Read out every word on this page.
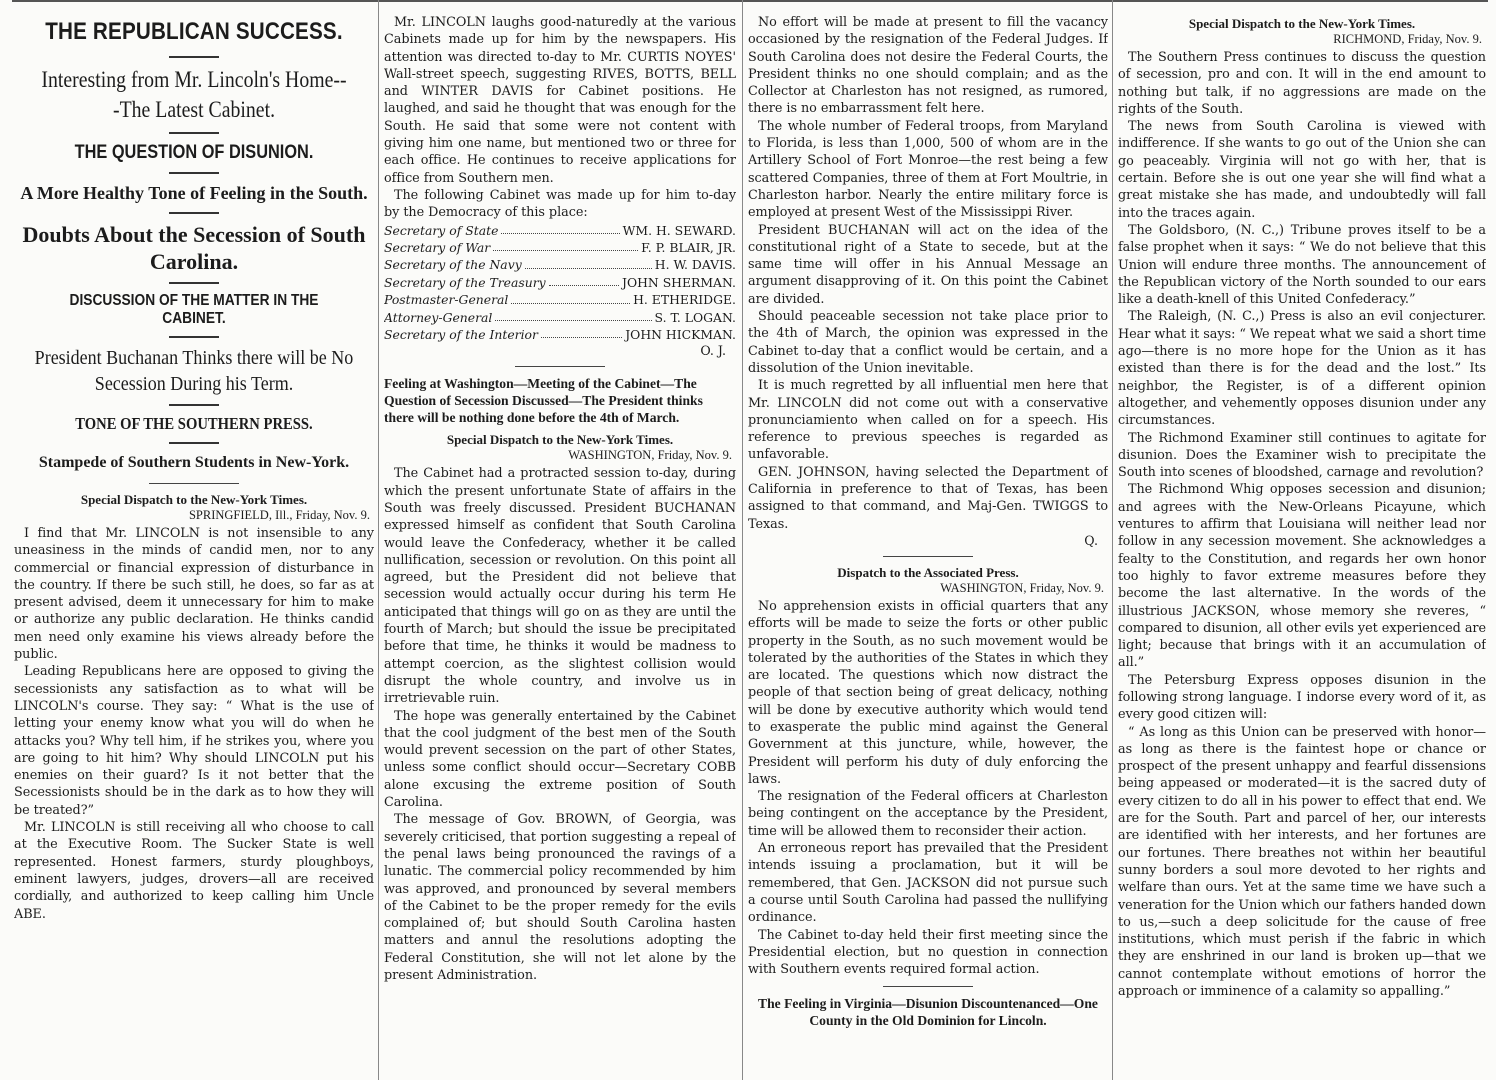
THE REPUBLICAN SUCCESS.
Interesting from Mr. Lincoln's Home---The Latest Cabinet.
THE QUESTION OF DISUNION.
A More Healthy Tone of Feeling in the South.
Doubts About the Secession of South Carolina.
DISCUSSION OF THE MATTER IN THE CABINET.
President Buchanan Thinks there will be No Secession During his Term.
TONE OF THE SOUTHERN PRESS.
Stampede of Southern Students in New-York.
Special Dispatch to the New-York Times.
SPRINGFIELD, Ill., Friday, Nov. 9.

I find that Mr. LINCOLN is not insensible to any uneasiness in the minds of candid men, nor to any commercial or financial expression of disturbance in the country. If there be such still, he does, so far as at present advised, deem it unnecessary for him to make or authorize any public declaration. He thinks candid men need only examine his views already before the public.

Leading Republicans here are opposed to giving the secessionists any satisfaction as to what will be LINCOLN's course. They say: “ What is the use of letting your enemy know what you will do when he attacks you? Why tell him, if he strikes you, where you are going to hit him? Why should LINCOLN put his enemies on their guard? Is it not better that the Secessionists should be in the dark as to how they will be treated?”

Mr. LINCOLN is still receiving all who choose to call at the Executive Room. The Sucker State is well represented. Honest farmers, sturdy ploughboys, eminent lawyers, judges, drovers—all are received cordially, and authorized to keep calling him Uncle ABE.

Mr. LINCOLN laughs good-naturedly at the various Cabinets made up for him by the newspapers. His attention was directed to-day to Mr. CURTIS NOYES' Wall-street speech, suggesting RIVES, BOTTS, BELL and WINTER DAVIS for Cabinet positions. He laughed, and said he thought that was enough for the South. He said that some were not content with giving him one name, but mentioned two or three for each office. He continues to receive applications for office from Southern men.

The following Cabinet was made up for him to-day by the Democracy of this place:

Secretary of State	WM. H. SEWARD.
Secretary of War	F. P. BLAIR, JR.
Secretary of the Navy	H. W. DAVIS.
Secretary of the Treasury	JOHN SHERMAN.
Postmaster-General	H. ETHERIDGE.
Attorney-General	S. T. LOGAN.
Secretary of the Interior	JOHN HICKMAN.
O. J.
Feeling at Washington—Meeting of the Cabinet—The Question of Secession Discussed—The President thinks there will be nothing done before the 4th of March.
Special Dispatch to the New-York Times.
WASHINGTON, Friday, Nov. 9.

The Cabinet had a protracted session to-day, during which the present unfortunate State of affairs in the South was freely discussed. President BUCHANAN expressed himself as confident that South Carolina would leave the Confederacy, whether it be called nullification, secession or revolution. On this point all agreed, but the President did not believe that secession would actually occur during his term He anticipated that things will go on as they are until the fourth of March; but should the issue be precipitated before that time, he thinks it would be madness to attempt coercion, as the slightest collision would disrupt the whole country, and involve us in irretrievable ruin.

The hope was generally entertained by the Cabinet that the cool judgment of the best men of the South would prevent secession on the part of other States, unless some conflict should occur—Secretary COBB alone excusing the extreme position of South Carolina.

The message of Gov. BROWN, of Georgia, was severely criticised, that portion suggesting a repeal of the penal laws being pronounced the ravings of a lunatic. The commercial policy recommended by him was approved, and pronounced by several members of the Cabinet to be the proper remedy for the evils complained of; but should South Carolina hasten matters and annul the resolutions adopting the Federal Constitution, she will not let alone by the present Administration.

No effort will be made at present to fill the vacancy occasioned by the resignation of the Federal Judges. If South Carolina does not desire the Federal Courts, the President thinks no one should complain; and as the Collector at Charleston has not resigned, as rumored, there is no embarrassment felt here.

The whole number of Federal troops, from Maryland to Florida, is less than 1,000, 500 of whom are in the Artillery School of Fort Monroe—the rest being a few scattered Companies, three of them at Fort Moultrie, in Charleston harbor. Nearly the entire military force is employed at present West of the Mississippi River.

President BUCHANAN will act on the idea of the constitutional right of a State to secede, but at the same time will offer in his Annual Message an argument disapproving of it. On this point the Cabinet are divided.

Should peaceable secession not take place prior to the 4th of March, the opinion was expressed in the Cabinet to-day that a conflict would be certain, and a dissolution of the Union inevitable.

It is much regretted by all influential men here that Mr. LINCOLN did not come out with a conservative pronunciamiento when called on for a speech. His reference to previous speeches is regarded as unfavorable.

GEN. JOHNSON, having selected the Department of California in preference to that of Texas, has been assigned to that command, and Maj-Gen. TWIGGS to Texas.

Q.
Dispatch to the Associated Press.
WASHINGTON, Friday, Nov. 9.

No apprehension exists in official quarters that any efforts will be made to seize the forts or other public property in the South, as no such movement would be tolerated by the authorities of the States in which they are located. The questions which now distract the people of that section being of great delicacy, nothing will be done by executive authority which would tend to exasperate the public mind against the General Government at this juncture, while, however, the President will perform his duty of duly enforcing the laws.

The resignation of the Federal officers at Charleston being contingent on the acceptance by the President, time will be allowed them to reconsider their action.

An erroneous report has prevailed that the President intends issuing a proclamation, but it will be remembered, that Gen. JACKSON did not pursue such a course until South Carolina had passed the nullifying ordinance.

The Cabinet to-day held their first meeting since the Presidential election, but no question in connection with Southern events required formal action.

The Feeling in Virginia—Disunion Discountenanced—One County in the Old Dominion for Lincoln.
Special Dispatch to the New-York Times.
RICHMOND, Friday, Nov. 9.

The Southern Press continues to discuss the question of secession, pro and con. It will in the end amount to nothing but talk, if no aggressions are made on the rights of the South.

The news from South Carolina is viewed with indifference. If she wants to go out of the Union she can go peaceably. Virginia will not go with her, that is certain. Before she is out one year she will find what a great mistake she has made, and undoubtedly will fall into the traces again.

The Goldsboro, (N. C.,) Tribune proves itself to be a false prophet when it says: “ We do not believe that this Union will endure three months. The announcement of the Republican victory of the North sounded to our ears like a death-knell of this United Confederacy.”

The Raleigh, (N. C.,) Press is also an evil conjecturer. Hear what it says: “ We repeat what we said a short time ago—there is no more hope for the Union as it has existed than there is for the dead and the lost.” Its neighbor, the Register, is of a different opinion altogether, and vehemently opposes disunion under any circumstances.

The Richmond Examiner still continues to agitate for disunion. Does the Examiner wish to precipitate the South into scenes of bloodshed, carnage and revolution?

The Richmond Whig opposes secession and disunion; and agrees with the New-Orleans Picayune, which ventures to affirm that Louisiana will neither lead nor follow in any secession movement. She acknowledges a fealty to the Constitution, and regards her own honor too highly to favor extreme measures before they become the last alternative. In the words of the illustrious JACKSON, whose memory she reveres, “ compared to disunion, all other evils yet experienced are light; because that brings with it an accumulation of all.”

The Petersburg Express opposes disunion in the following strong language. I indorse every word of it, as every good citizen will:

“ As long as this Union can be preserved with honor—as long as there is the faintest hope or chance or prospect of the present unhappy and fearful dissensions being appeased or moderated—it is the sacred duty of every citizen to do all in his power to effect that end. We are for the South. Part and parcel of her, our interests are identified with her interests, and her fortunes are our fortunes. There breathes not within her beautiful sunny borders a soul more devoted to her rights and welfare than ours. Yet at the same time we have such a veneration for the Union which our fathers handed down to us,—such a deep solicitude for the cause of free institutions, which must perish if the fabric in which they are enshrined in our land is broken up—that we cannot contemplate without emotions of horror the approach or imminence of a calamity so appalling.”
